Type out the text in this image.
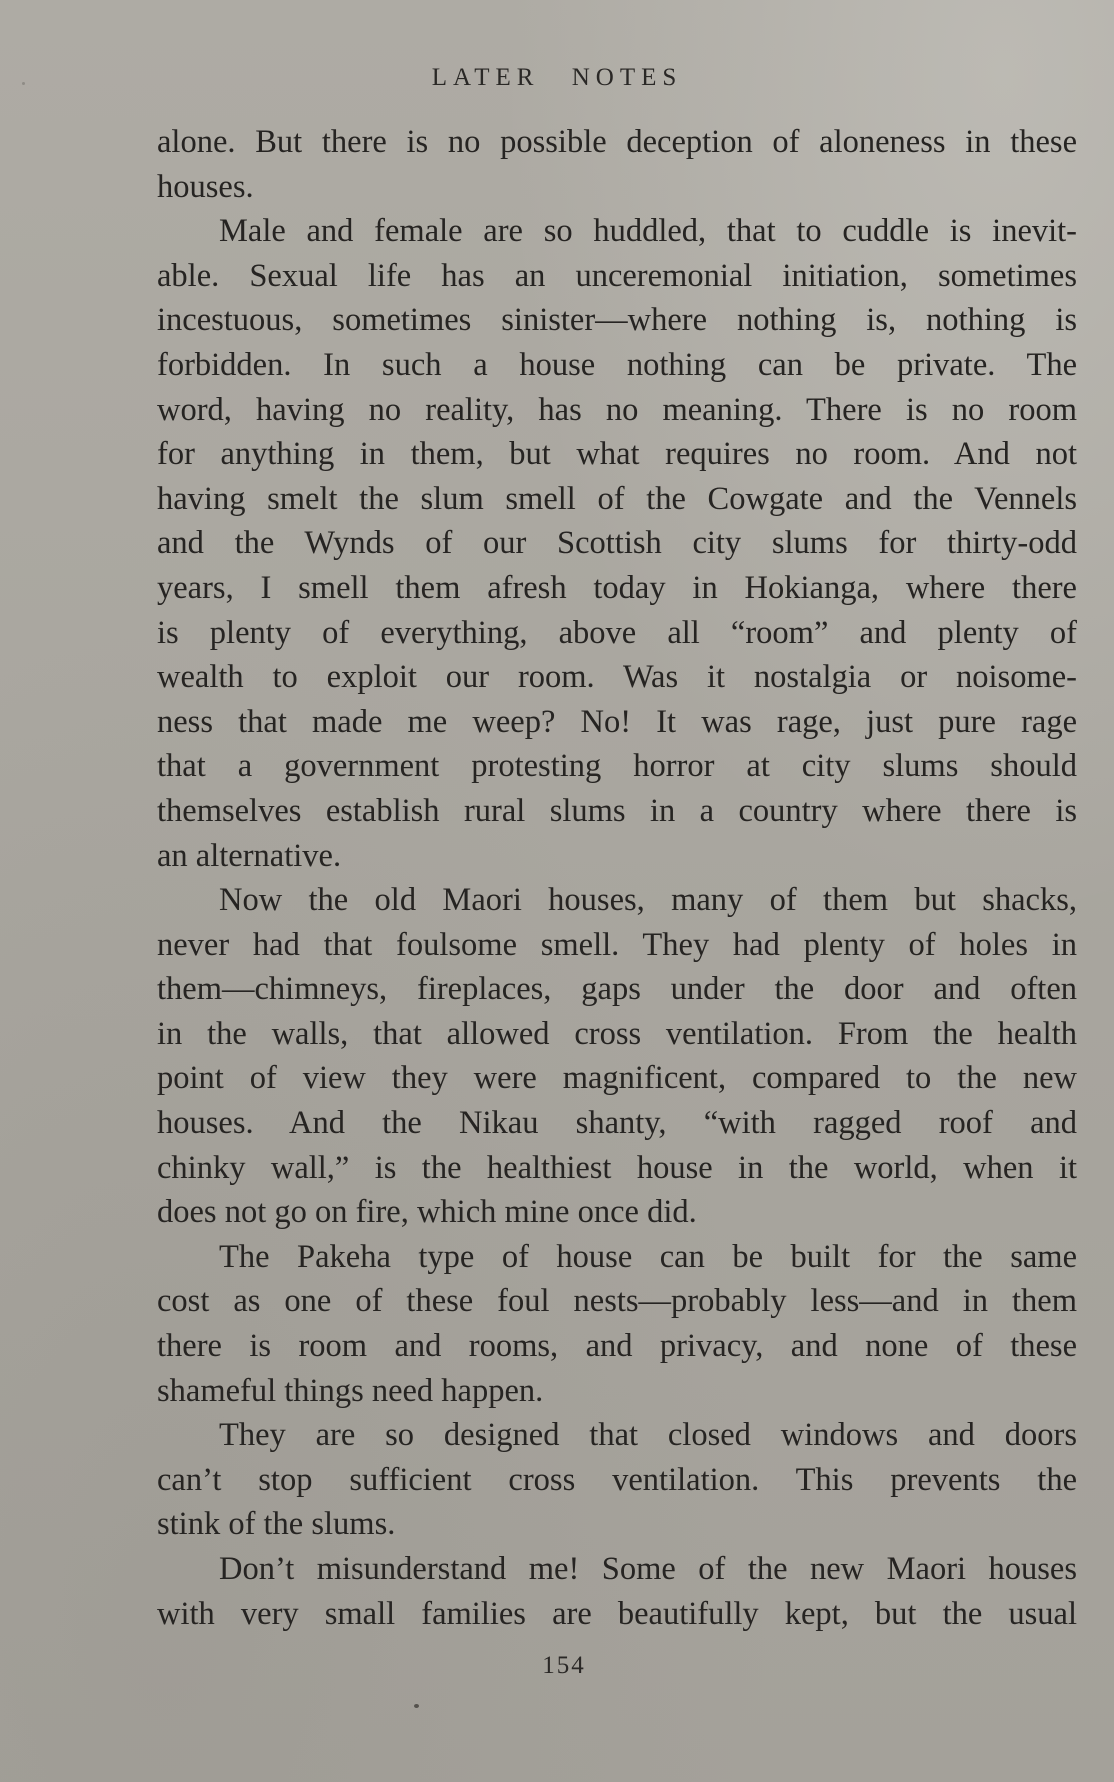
LATER NOTES
alone. But there is no possible deception of aloneness in these
houses.
Male and female are so huddled, that to cuddle is inevit-
able. Sexual life has an unceremonial initiation, sometimes
incestuous, sometimes sinister—where nothing is, nothing is
forbidden. In such a house nothing can be private. The
word, having no reality, has no meaning. There is no room
for anything in them, but what requires no room. And not
having smelt the slum smell of the Cowgate and the Vennels
and the Wynds of our Scottish city slums for thirty-odd
years, I smell them afresh today in Hokianga, where there
is plenty of everything, above all “room” and plenty of
wealth to exploit our room. Was it nostalgia or noisome-
ness that made me weep? No! It was rage, just pure rage
that a government protesting horror at city slums should
themselves establish rural slums in a country where there is
an alternative.
Now the old Maori houses, many of them but shacks,
never had that foulsome smell. They had plenty of holes in
them—chimneys, fireplaces, gaps under the door and often
in the walls, that allowed cross ventilation. From the health
point of view they were magnificent, compared to the new
houses. And the Nikau shanty, “with ragged roof and
chinky wall,” is the healthiest house in the world, when it
does not go on fire, which mine once did.
The Pakeha type of house can be built for the same
cost as one of these foul nests—probably less—and in them
there is room and rooms, and privacy, and none of these
shameful things need happen.
They are so designed that closed windows and doors
can’t stop sufficient cross ventilation. This prevents the
stink of the slums.
Don’t misunderstand me! Some of the new Maori houses
with very small families are beautifully kept, but the usual
154
